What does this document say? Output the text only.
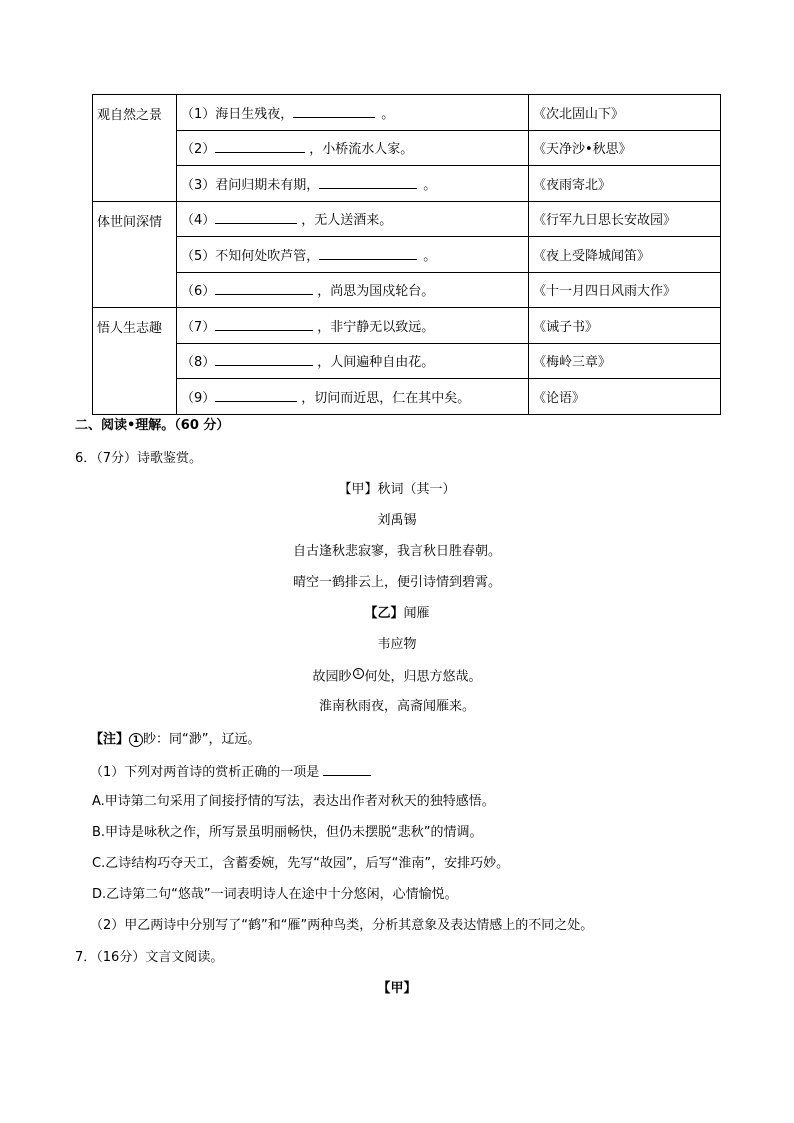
观自然之景	（1）海日生残夜， 。	《次北固山下》
	（2） ，小桥流水人家。	《天净沙•秋思》
	（3）君问归期未有期， 。	《夜雨寄北》
体世间深情	（4） ，无人送酒来。	《行军九日思长安故园》
	（5）不知何处吹芦管， 。	《夜上受降城闻笛》
	（6） ，尚思为国戍轮台。	《十一月四日风雨大作》
悟人生志趣	（7） ，非宁静无以致远。	《诫子书》
	（8） ，人间遍种自由花。	《梅岭三章》
	（9） ，切问而近思，仁在其中矣。	《论语》
二、阅读•理解。（60 分）
6．（7分）诗歌鉴赏。
【甲】秋词（其一）
刘禹锡
自古逢秋悲寂寥，我言秋日胜春朝。
晴空一鹤排云上，便引诗情到碧霄。
【乙】闻雁
韦应物
故园眇 1 何处，归思方悠哉。
淮南秋雨夜，高斋闻雁来。
【注】 1 眇：同“渺”，辽远。
（1）下列对两首诗的赏析正确的一项是
A.甲诗第二句采用了间接抒情的写法，表达出作者对秋天的独特感悟。
B.甲诗是咏秋之作，所写景虽明丽畅快，但仍未摆脱“悲秋”的情调。
C.乙诗结构巧夺天工，含蓄委婉，先写“故园”，后写“淮南”，安排巧妙。
D.乙诗第二句“悠哉”一词表明诗人在途中十分悠闲，心情愉悦。
（2）甲乙两诗中分别写了“鹤”和“雁”两种鸟类，分析其意象及表达情感上的不同之处。
7．（16分）文言文阅读。
【甲】
